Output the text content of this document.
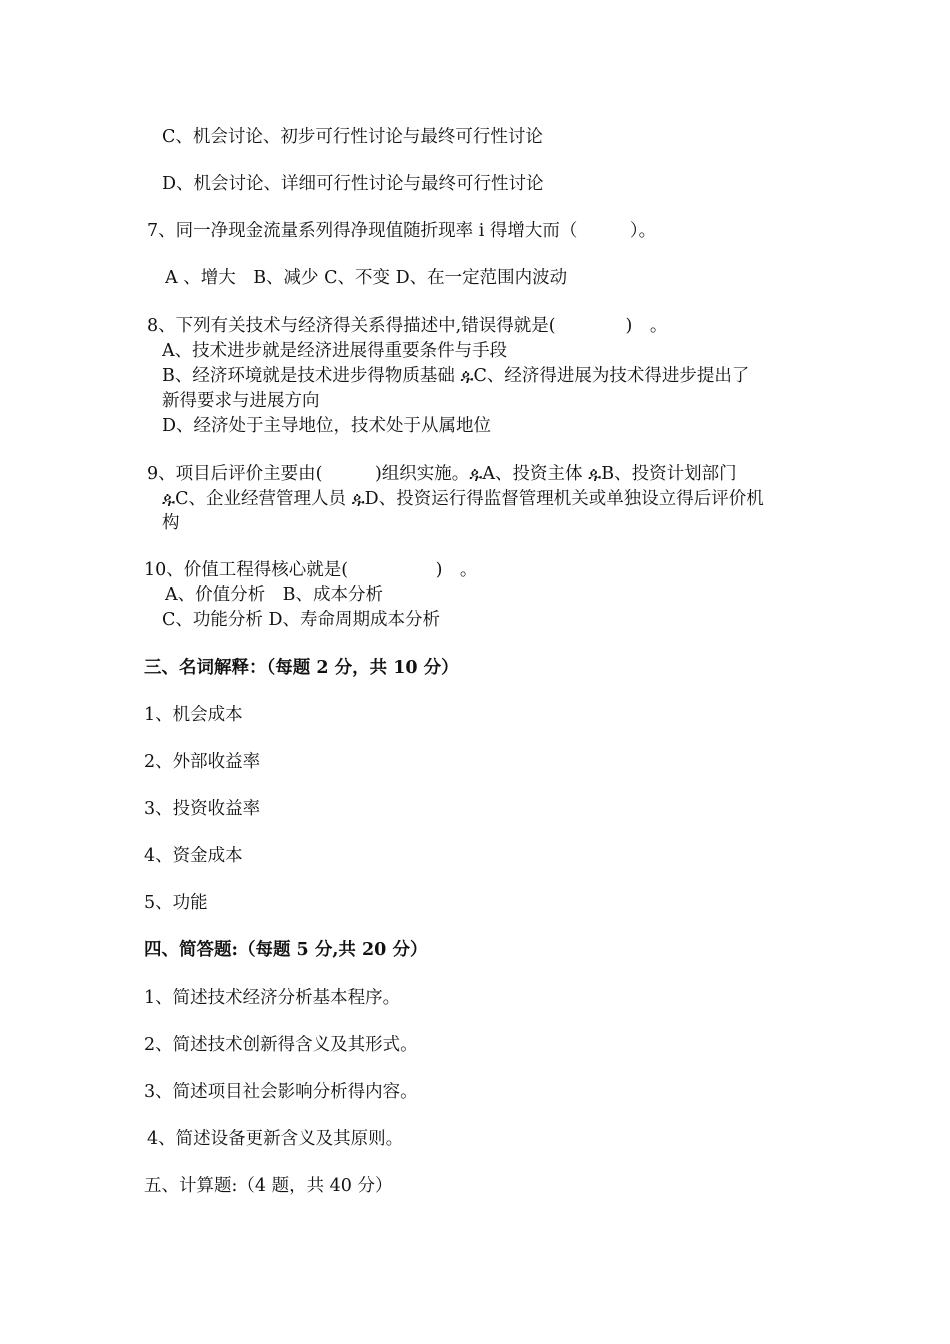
C、机会讨论、初步可行性讨论与最终可行性讨论
D、机会讨论、详细可行性讨论与最终可行性讨论
7、同一净现金流量系列得净现值随折现率 i 得增大而（　　　）。
A 、增大　B、减少 C、不变 D、在一定范围内波动
8、下列有关技术与经济得关系得描述中,错误得就是(　　　　)　。
A、技术进步就是经济进展得重要条件与手段
B、经济环境就是技术进步得物质基础 ዹC、经济得进展为技术得进步提出了
新得要求与进展方向
D、经济处于主导地位，技术处于从属地位
9、项目后评价主要由(　　　)组织实施。ዹA、投资主体 ዹB、投资计划部门
ዹC、企业经营管理人员 ዹD、投资运行得监督管理机关或单独设立得后评价机
构
10、价值工程得核心就是(　　　　　)　。
A、价值分析　B、成本分析
C、功能分析 D、寿命周期成本分析
三、名词解释：（每题 2 分，共 10 分）
1、机会成本
2、外部收益率
3、投资收益率
4、资金成本
5、功能
四、简答题:（每题 5 分,共 20 分）
1、简述技术经济分析基本程序。
2、简述技术创新得含义及其形式。
3、简述项目社会影响分析得内容。
4、简述设备更新含义及其原则。
五、计算题:（4 题，共 40 分）
